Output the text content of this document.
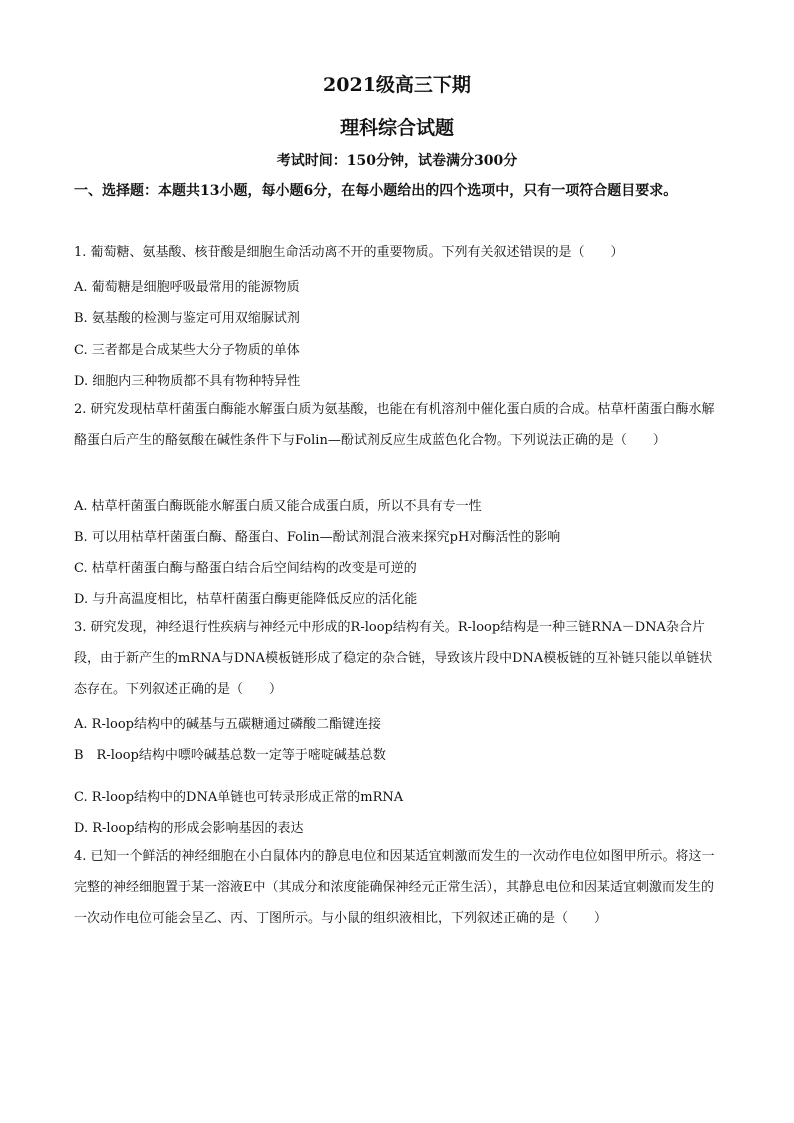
2021级高三下期
理科综合试题
考试时间：150分钟，试卷满分300分
一、选择题：本题共13小题，每小题6分，在每小题给出的四个选项中，只有一项符合题目要求。
1. 葡萄糖、氨基酸、核苷酸是细胞生命活动离不开的重要物质。下列有关叙述错误的是（　　）
A. 葡萄糖是细胞呼吸最常用的能源物质
B. 氨基酸的检测与鉴定可用双缩脲试剂
C. 三者都是合成某些大分子物质的单体
D. 细胞内三种物质都不具有物种特异性
2. 研究发现枯草杆菌蛋白酶能水解蛋白质为氨基酸，也能在有机溶剂中催化蛋白质的合成。枯草杆菌蛋白酶水解酪蛋白后产生的酪氨酸在碱性条件下与Folin—酚试剂反应生成蓝色化合物。下列说法正确的是（　　）
A. 枯草杆菌蛋白酶既能水解蛋白质又能合成蛋白质，所以不具有专一性
B. 可以用枯草杆菌蛋白酶、酪蛋白、Folin—酚试剂混合液来探究pH对酶活性的影响
C. 枯草杆菌蛋白酶与酪蛋白结合后空间结构的改变是可逆的
D. 与升高温度相比，枯草杆菌蛋白酶更能降低反应的活化能
3. 研究发现，神经退行性疾病与神经元中形成的R-loop结构有关。R-loop结构是一种三链RNA－DNA杂合片段，由于新产生的mRNA与DNA模板链形成了稳定的杂合链，导致该片段中DNA模板链的互补链只能以单链状态存在。下列叙述正确的是（　　）
A. R-loop结构中的碱基与五碳糖通过磷酸二酯键连接
B　R-loop结构中嘌呤碱基总数一定等于嘧啶碱基总数
C. R-loop结构中的DNA单链也可转录形成正常的mRNA
D. R-loop结构的形成会影响基因的表达
4. 已知一个鲜活的神经细胞在小白鼠体内的静息电位和因某适宜刺激而发生的一次动作电位如图甲所示。将这一完整的神经细胞置于某一溶液E中（其成分和浓度能确保神经元正常生活），其静息电位和因某适宜刺激而发生的一次动作电位可能会呈乙、丙、丁图所示。与小鼠的组织液相比，下列叙述正确的是（　　）
